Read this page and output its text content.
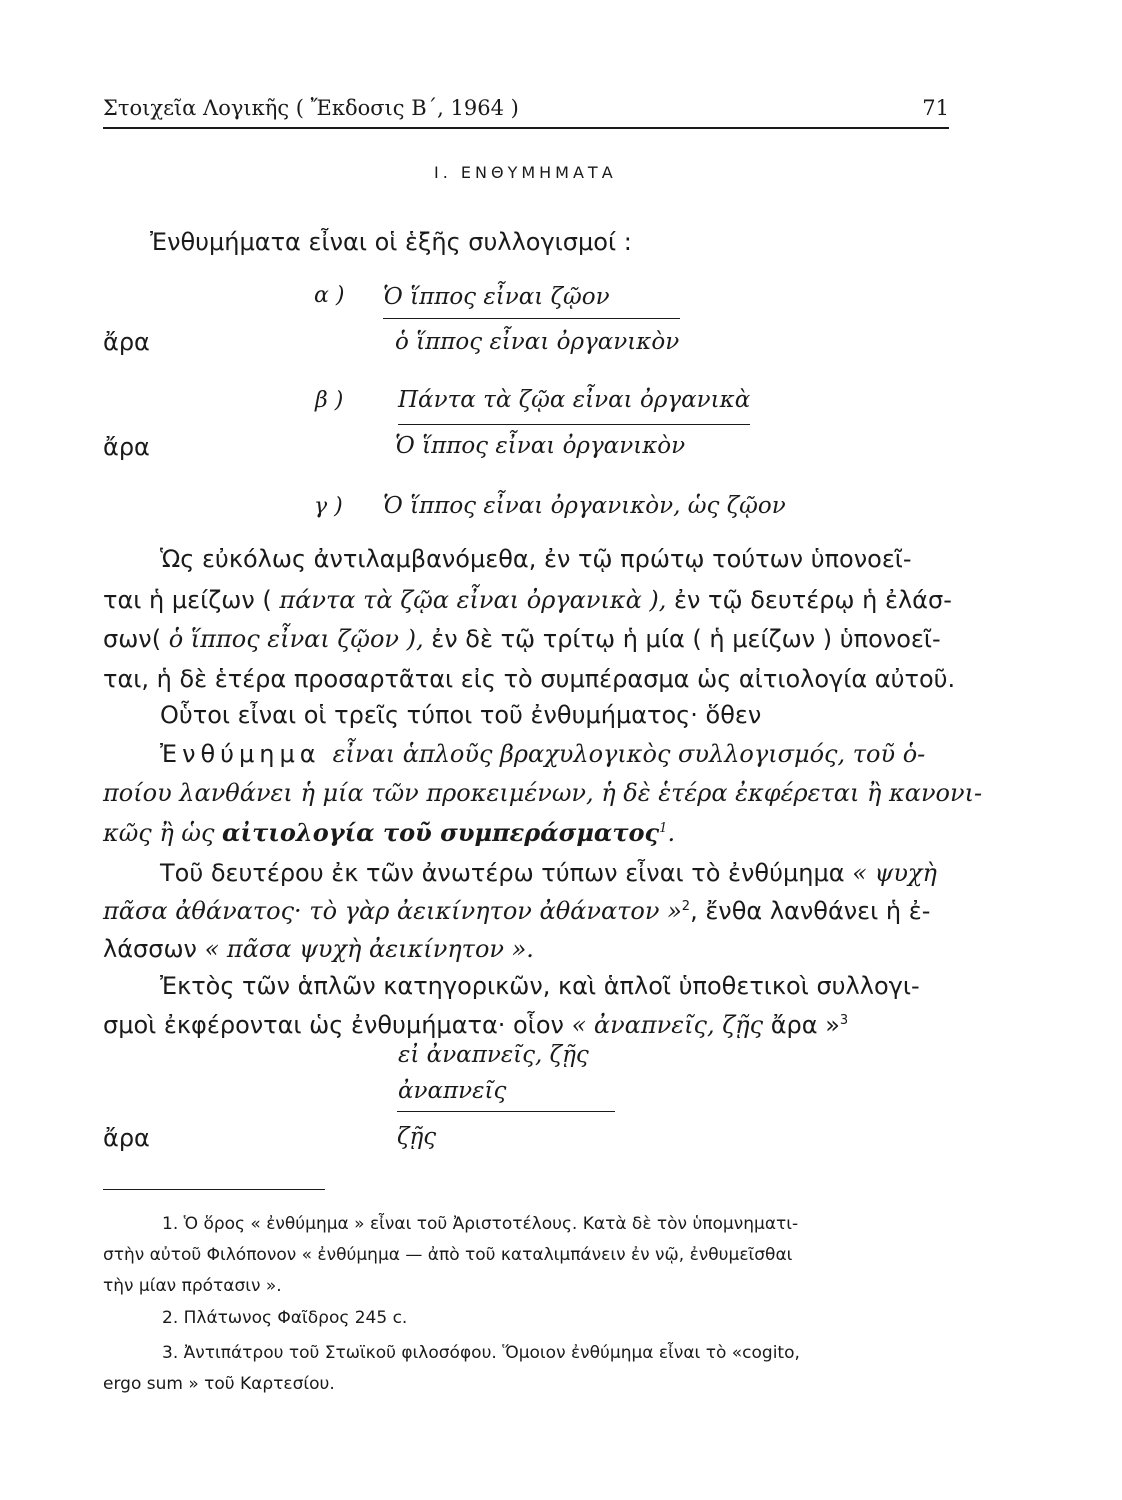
Στοιχεῖα Λογικῆς ( Ἔκδοσις Β΄, 1964 )	71
I. ΕΝΘΥΜΗΜΑΤΑ
Ἐνθυμήματα εἶναι οἱ ἑξῆς συλλογισμοί :
α ) Ὁ ἵππος εἶναι ζῷον
ἄρα	ὁ ἵππος εἶναι ὀργανικὸν
β ) Πάντα τὰ ζῷα εἶναι ὀργανικὰ
ἄρα	Ὁ ἵππος εἶναι ὀργανικὸν
γ ) Ὁ ἵππος εἶναι ὀργανικὸν, ὡς ζῷον
Ὡς εὐκόλως ἀντιλαμβανόμεθα, ἐν τῷ πρώτῳ τούτων ὑπονοεῖ-
ται ἡ μείζων ( πάντα τὰ ζῷα εἶναι ὀργανικὰ ), ἐν τῷ δευτέρῳ ἡ ἐλάσ-
σων( ὁ ἵππος εἶναι ζῷον ), ἐν δὲ τῷ τρίτῳ ἡ μία ( ἡ μείζων ) ὑπονοεῖ-
ται, ἡ δὲ ἑτέρα προσαρτᾶται εἰς τὸ συμπέρασμα ὡς αἰτιολογία αὐτοῦ.
Οὗτοι εἶναι οἱ τρεῖς τύποι τοῦ ἐνθυμήματος· ὅθεν
Ἐνθύμημα εἶναι ἁπλοῦς βραχυλογικὸς συλλογισμός, τοῦ ὁ-
ποίου λανθάνει ἡ μία τῶν προκειμένων, ἡ δὲ ἑτέρα ἐκφέρεται ἢ κανονι-
κῶς ἢ ὡς αἰτιολογία τοῦ συμπεράσματος$^1$.
Τοῦ δευτέρου ἐκ τῶν ἀνωτέρω τύπων εἶναι τὸ ἐνθύμημα « ψυχὴ
πᾶσα ἀθάνατος· τὸ γὰρ ἀεικίνητον ἀθάνατον »$^2$, ἔνθα λανθάνει ἡ ἐ-
λάσσων « πᾶσα ψυχὴ ἀεικίνητον ».
Ἐκτὸς τῶν ἁπλῶν κατηγορικῶν, καὶ ἁπλοῖ ὑποθετικοὶ συλλογι-
σμοὶ ἐκφέρονται ὡς ἐνθυμήματα· οἷον « ἀναπνεῖς, ζῇς ἄρα »$^3$
εἰ ἀναπνεῖς, ζῇς
ἀναπνεῖς
ἄρα	ζῇς
1. Ὁ ὅρος « ἐνθύμημα » εἶναι τοῦ Ἀριστοτέλους. Κατὰ δὲ τὸν ὑπομνηματι-
στὴν αὐτοῦ Φιλόπονον « ἐνθύμημα — ἀπὸ τοῦ καταλιμπάνειν ἐν νῷ, ἐνθυμεῖσθαι
τὴν μίαν πρότασιν ».
2. Πλάτωνος Φαῖδρος 245 c.
3. Ἀντιπάτρου τοῦ Στωϊκοῦ φιλοσόφου. Ὅμοιον ἐνθύμημα εἶναι τὸ «cogito,
ergo sum » τοῦ Καρτεσίου.
